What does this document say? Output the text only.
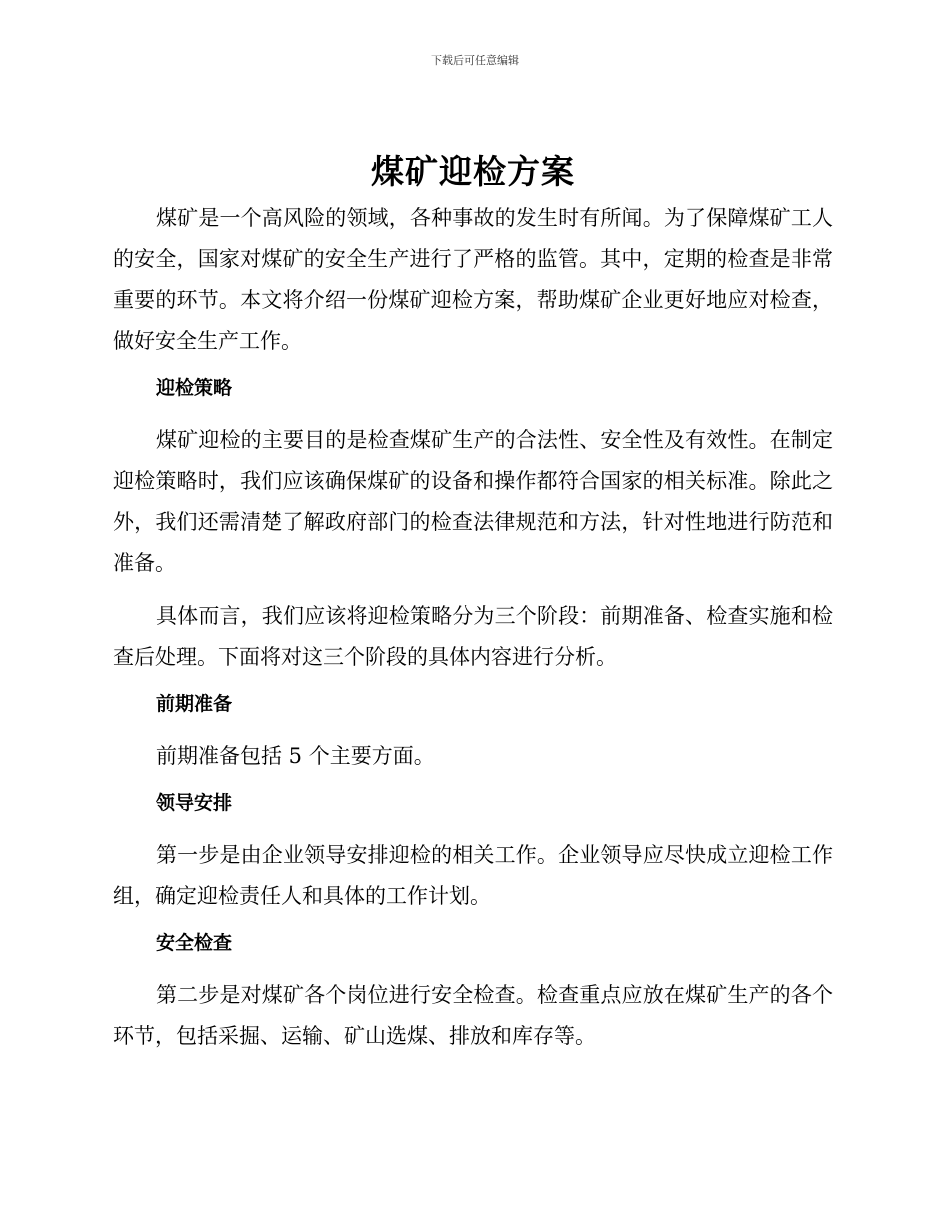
下载后可任意编辑
煤矿迎检方案

煤矿是一个高风险的领域，各种事故的发生时有所闻。为了保障煤矿工人的安全，国家对煤矿的安全生产进行了严格的监管。其中，定期的检查是非常重要的环节。本文将介绍一份煤矿迎检方案，帮助煤矿企业更好地应对检查，做好安全生产工作。

迎检策略

煤矿迎检的主要目的是检查煤矿生产的合法性、安全性及有效性。在制定迎检策略时，我们应该确保煤矿的设备和操作都符合国家的相关标准。除此之外，我们还需清楚了解政府部门的检查法律规范和方法，针对性地进行防范和准备。

具体而言，我们应该将迎检策略分为三个阶段：前期准备、检查实施和检查后处理。下面将对这三个阶段的具体内容进行分析。

前期准备

前期准备包括 5 个主要方面。

领导安排

第一步是由企业领导安排迎检的相关工作。企业领导应尽快成立迎检工作组，确定迎检责任人和具体的工作计划。

安全检查

第二步是对煤矿各个岗位进行安全检查。检查重点应放在煤矿生产的各个环节，包括采掘、运输、矿山选煤、排放和库存等。
